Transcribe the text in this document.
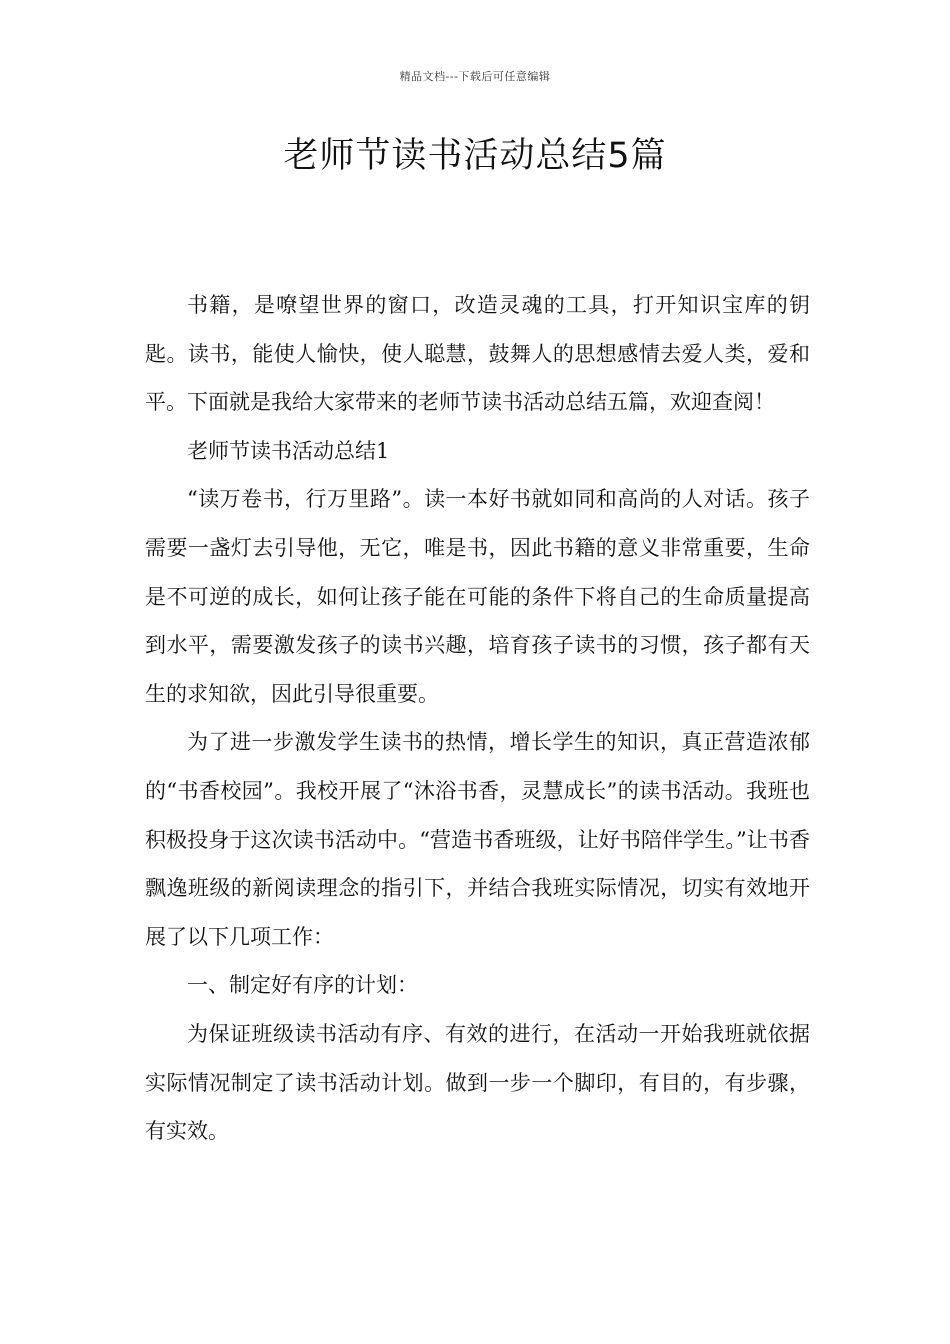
精品文档---下载后可任意编辑
老师节读书活动总结5篇

书籍，是嘹望世界的窗口，改造灵魂的工具，打开知识宝库的钥匙。读书，能使人愉快，使人聪慧，鼓舞人的思想感情去爱人类，爱和平。下面就是我给大家带来的老师节读书活动总结五篇，欢迎查阅！

老师节读书活动总结1

“读万卷书，行万里路”。读一本好书就如同和高尚的人对话。孩子需要一盏灯去引导他，无它，唯是书，因此书籍的意义非常重要，生命是不可逆的成长，如何让孩子能在可能的条件下将自己的生命质量提高到水平，需要激发孩子的读书兴趣，培育孩子读书的习惯，孩子都有天生的求知欲，因此引导很重要。

为了进一步激发学生读书的热情，增长学生的知识，真正营造浓郁的“书香校园”。我校开展了“沐浴书香，灵慧成长”的读书活动。我班也积极投身于这次读书活动中。“营造书香班级，让好书陪伴学生。”让书香飘逸班级的新阅读理念的指引下，并结合我班实际情况，切实有效地开展了以下几项工作：

一、制定好有序的计划：

为保证班级读书活动有序、有效的进行，在活动一开始我班就依据实际情况制定了读书活动计划。做到一步一个脚印，有目的，有步骤，有实效。
